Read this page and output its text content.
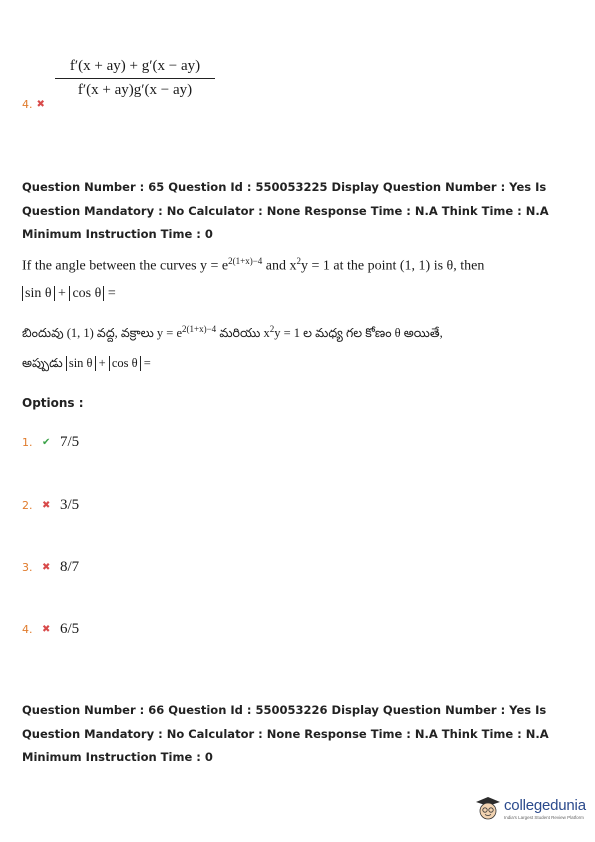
$\frac{f'(x + ay) + g'(x - ay)}{f'(x + ay)g'(x - ay)}$
4. ✖
Question Number : 65 Question Id : 550053225 Display Question Number : Yes Is Question Mandatory : No Calculator : None Response Time : N.A Think Time : N.A Minimum Instruction Time : 0
If the angle between the curves $y = e^{2(1+x)-4}$ and $x^2y = 1$ at the point (1, 1) is θ, then
sin θ + cos θ =
బిందువు (1, 1) వద్ద, వక్రాలు $y = e^{2(1+x)-4}$ మరియు $x^2y = 1$ ల మధ్య గల కోణం θ అయితే,
అప్పుడు sin θ + cos θ =
Options :
1. ✔ 7/5
2. ✖ 3/5
3. ✖ 8/7
4. ✖ 6/5
Question Number : 66 Question Id : 550053226 Display Question Number : Yes Is Question Mandatory : No Calculator : None Response Time : N.A Think Time : N.A Minimum Instruction Time : 0
collegedunia
India's Largest Student Review Platform
